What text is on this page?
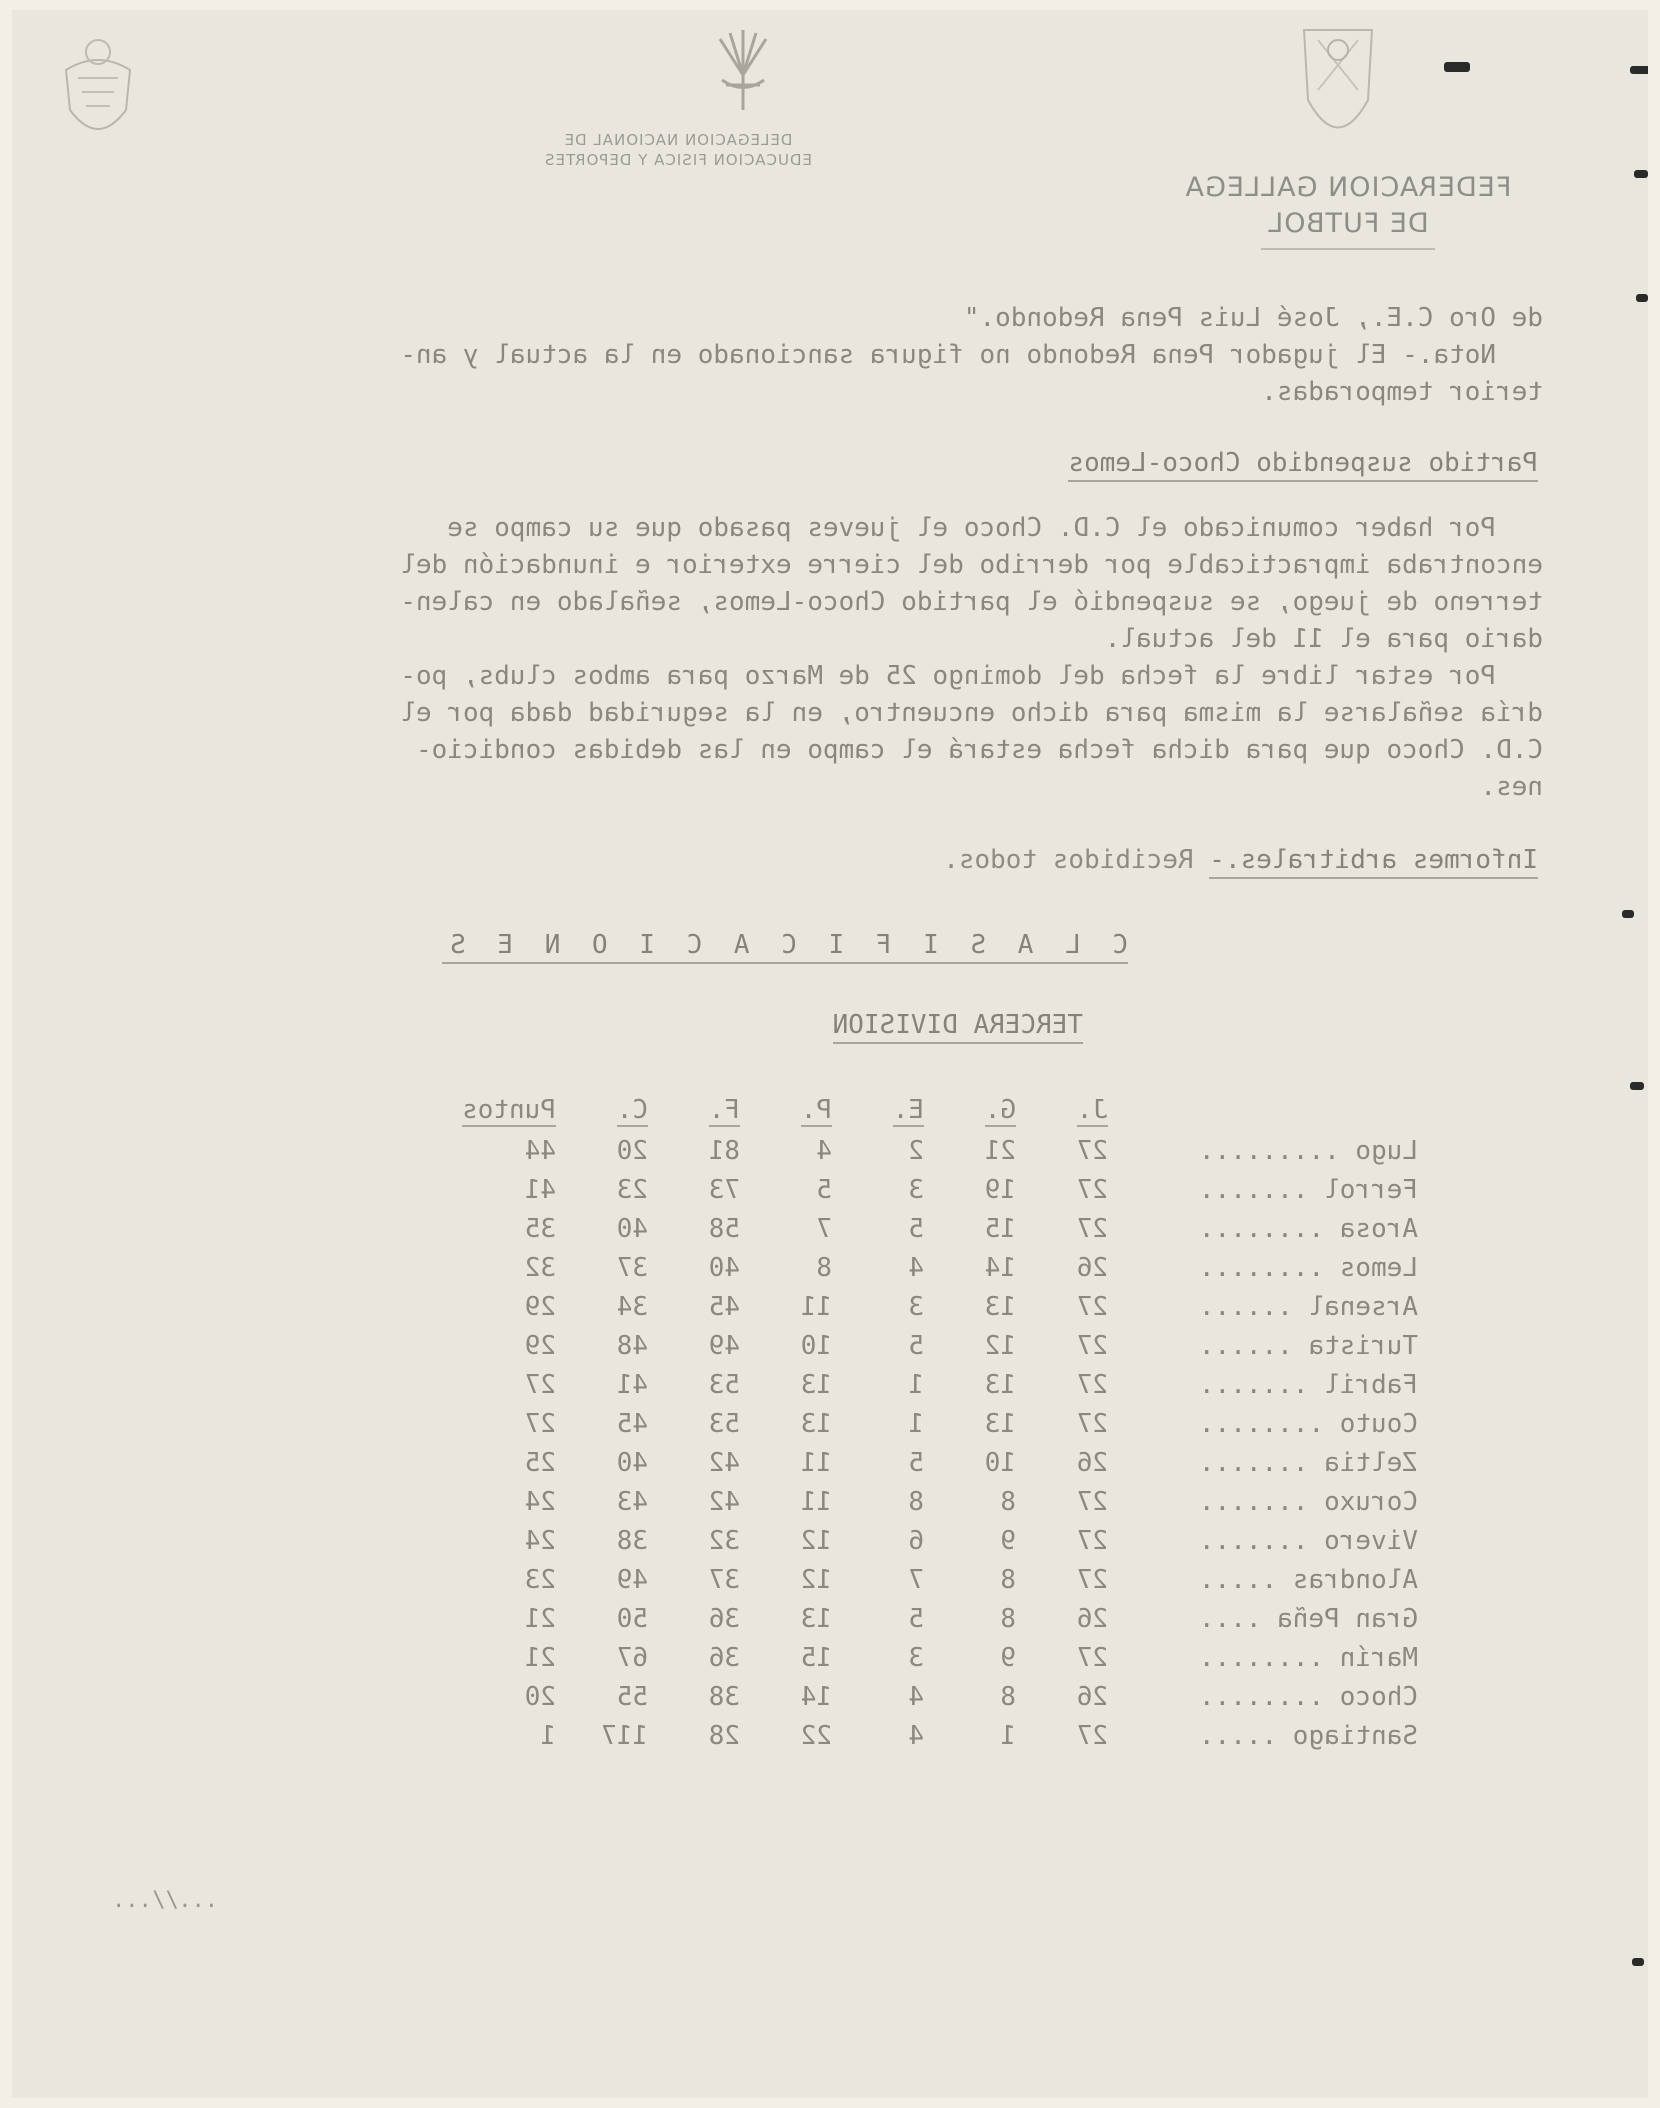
DELEGACION NACIONAL DE
EDUCACION FISICA Y DEPORTES
FEDERACION GALLEGA
DE FUTBOL

de Oro C.E., José Luis Pena Redondo."

Nota.- El jugador Pena Redondo no figura sancionado en la actual y an-

terior temporadas.

Partido suspendido Choco-Lemos

Por haber comunicado el C.D. Choco el jueves pasado que su campo se

encontraba impracticable por derribo del cierre exterior e inundación del

terreno de juego, se suspendió el partido Choco-Lemos, señalado en calen-

dario para el 11 del actual.

Por estar libre la fecha del domingo 25 de Marzo para ambos clubs, po-

dría señalarse la misma para dicho encuentro, en la seguridad dada por el

C.D. Choco que para dicha fecha estará el campo en las debidas condicio-

nes.

Informes arbitrales.- Recibidos todos.
C L A S I F I C A C I O N E S
TERCERA DIVISION
	J.	G.	E.	P.	F.	C.	Puntos
Lugo .........	27	21	2	4	81	20	44
Ferrol .......	27	19	3	5	73	23	41
Arosa ........	27	15	5	7	58	40	35
Lemos ........	26	14	4	8	40	37	32
Arsenal ......	27	13	3	11	45	34	29
Turista ......	27	12	5	10	49	48	29
Fabril .......	27	13	1	13	53	41	27
Couto ........	27	13	1	13	53	45	27
Zeltia .......	26	10	5	11	42	40	25
Coruxo .......	27	8	8	11	42	43	24
Vivero .......	27	9	6	12	32	38	24
Alondras .....	27	8	7	12	37	49	23
Gran Peña ....	26	8	5	13	36	50	21
Marín ........	27	9	3	15	36	67	21
Choco ........	26	8	4	14	38	55	20
Santiago .....	27	1	4	22	28	117	1
...//...
